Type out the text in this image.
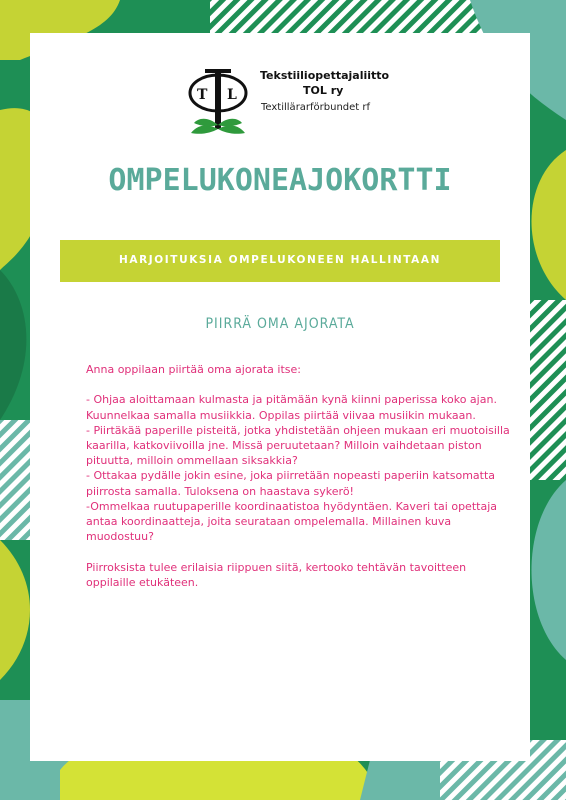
T L
Tekstiiliopettajaliitto
TOL ry
Textillärarförbundet rf
OMPELUKONEAJOKORTTI
HARJOITUKSIA OMPELUKONEEN HALLINTAAN
PIIRRÄ OMA AJORATA

Anna oppilaan piirtää oma ajorata itse:

- Ohjaa aloittamaan kulmasta ja pitämään kynä kiinni paperissa koko ajan. Kuunnelkaa samalla musiikkia. Oppilas piirtää viivaa musiikin mukaan.

- Piirtäkää paperille pisteitä, jotka yhdistetään ohjeen mukaan eri muotoisilla kaarilla, katkoviivoilla jne. Missä peruutetaan? Milloin vaihdetaan piston pituutta, milloin ommellaan siksakkia?

- Ottakaa pydälle jokin esine, joka piirretään nopeasti paperiin katsomatta piirrosta samalla. Tuloksena on haastava sykerö!

-Ommelkaa ruutupaperille koordinaatistoa hyödyntäen. Kaveri tai opettaja antaa koordinaatteja, joita seurataan ompelemalla. Millainen kuva muodostuu?

Piirroksista tulee erilaisia riippuen siitä, kertooko tehtävän tavoitteen oppilaille etukäteen.
